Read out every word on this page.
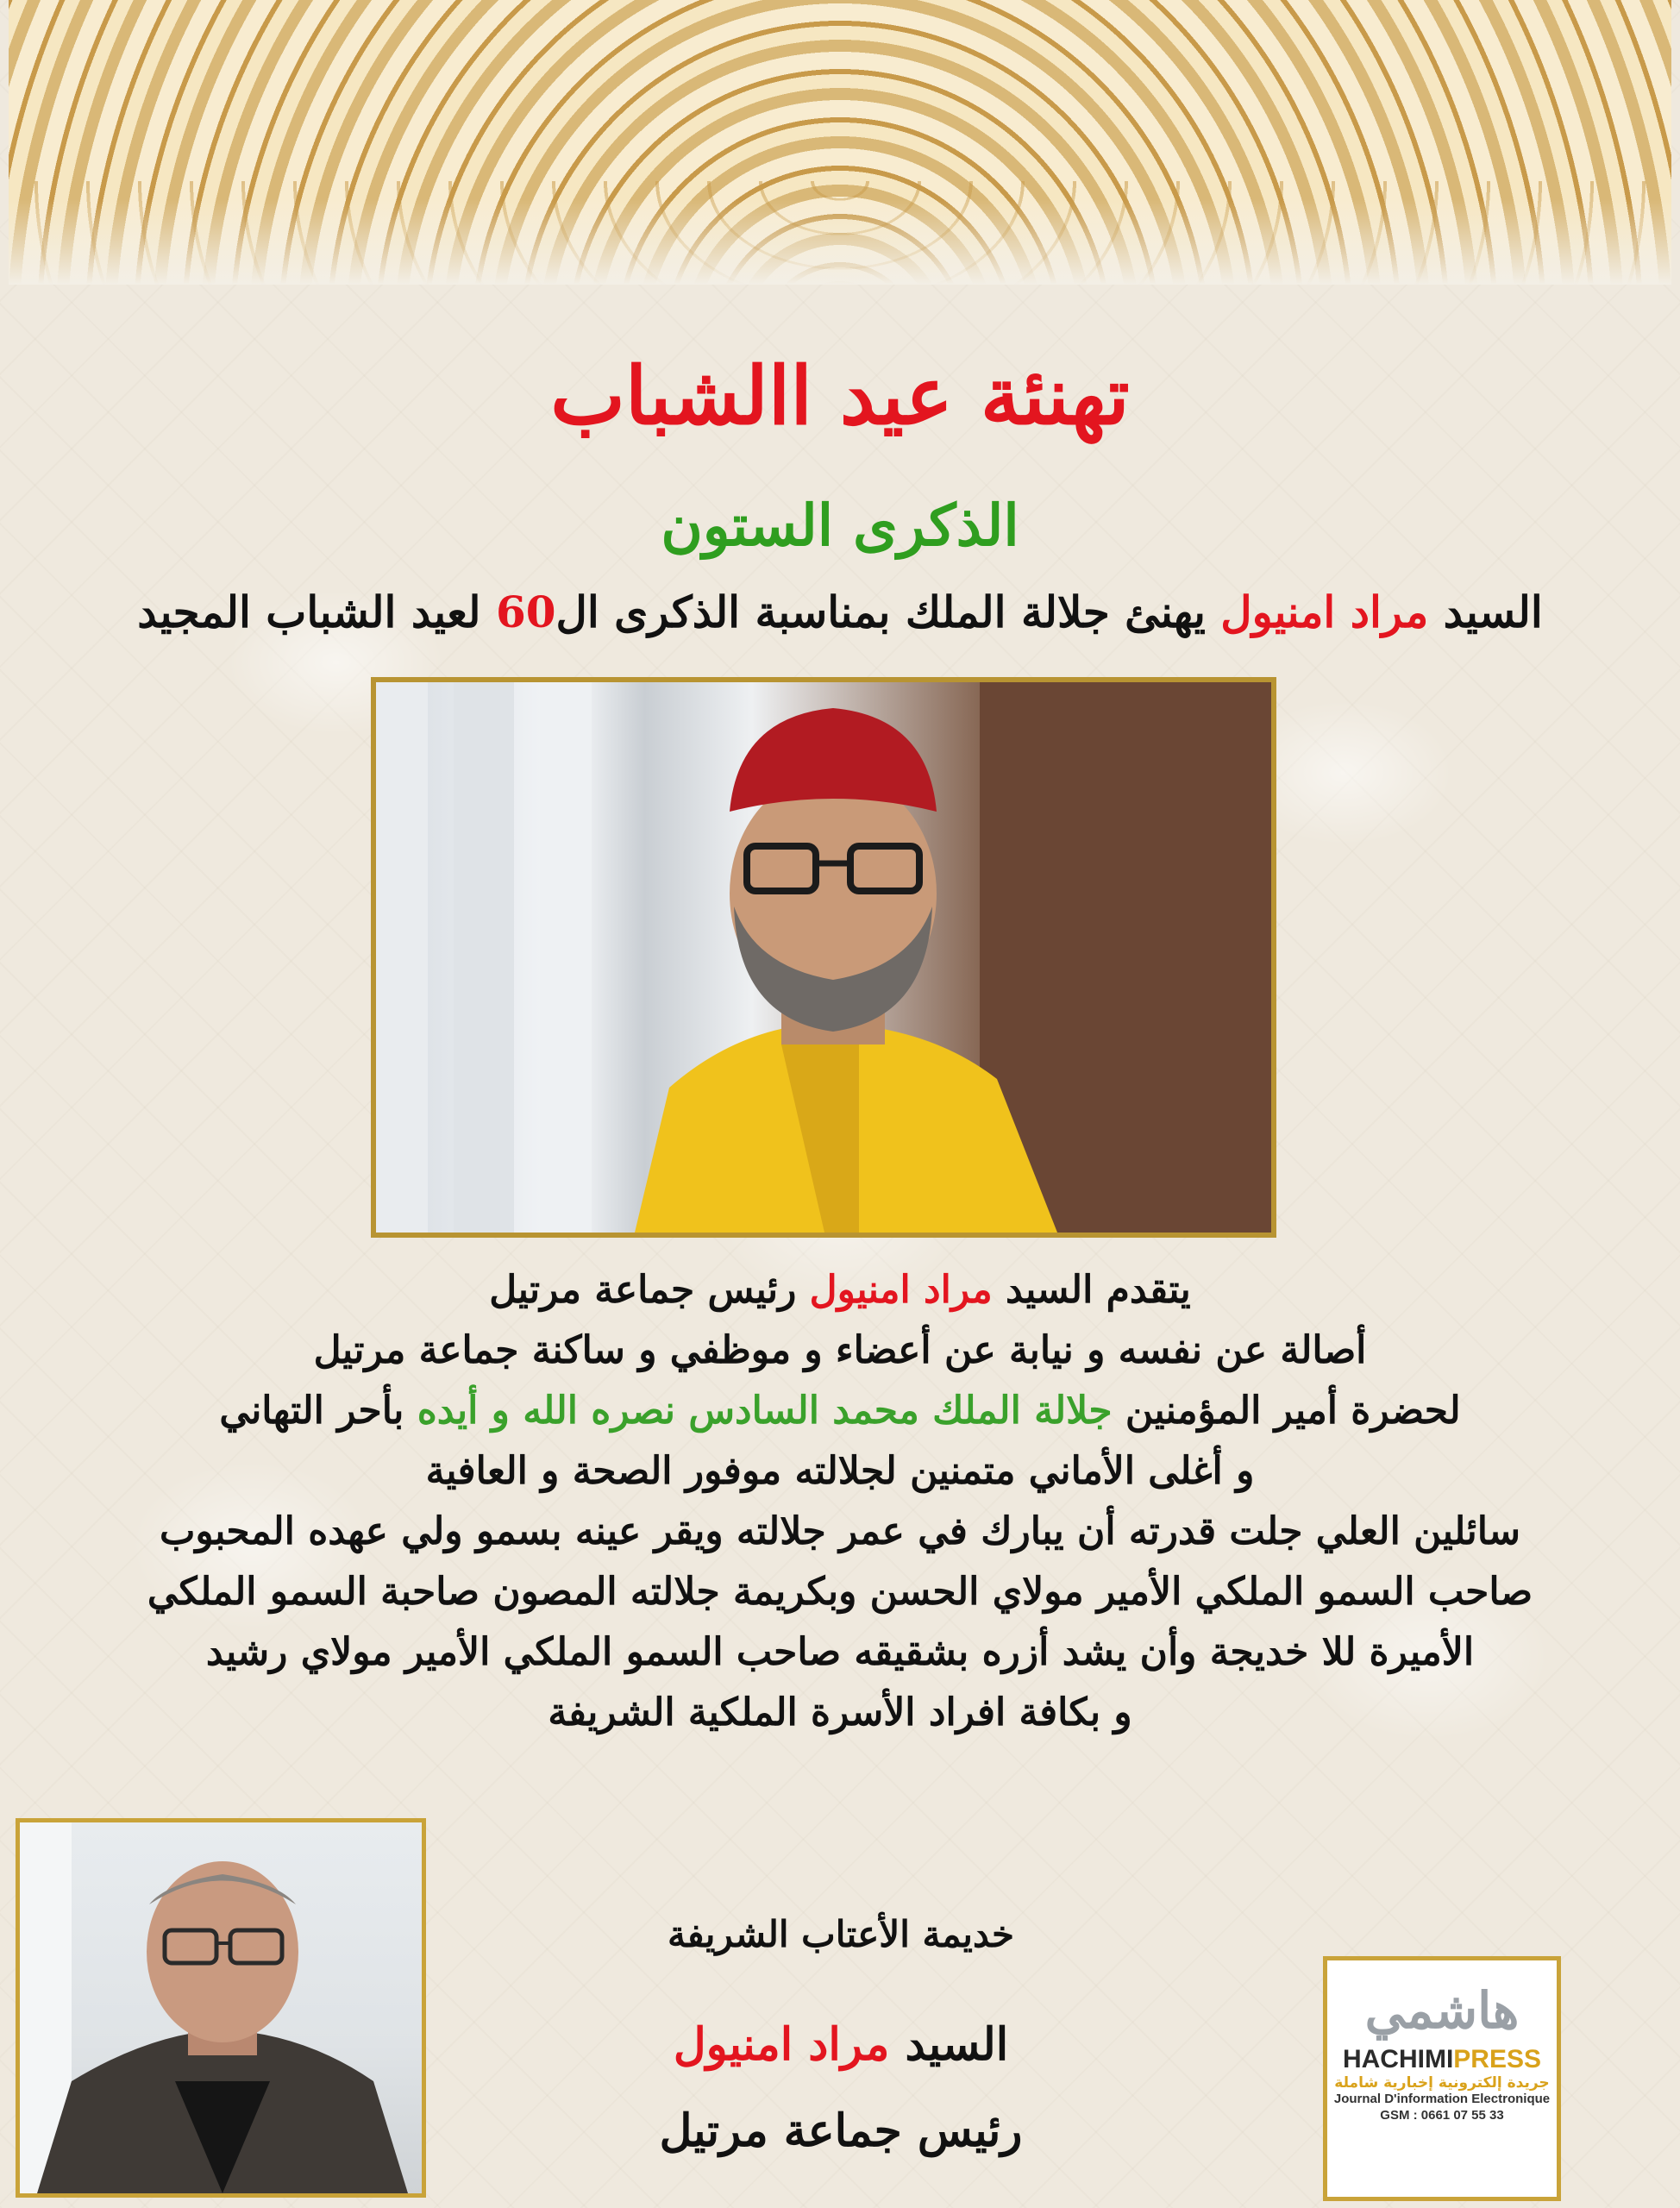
تهنئة عيد االشباب
الذكرى الستون
السيد مراد امنيول يهنئ جلالة الملك بمناسبة الذكرى ال60 لعيد الشباب المجيد

يتقدم السيد مراد امنيول رئيس جماعة مرتيل

أصالة عن نفسه و نيابة عن أعضاء و موظفي و ساكنة جماعة مرتيل

لحضرة أمير المؤمنين جلالة الملك محمد السادس نصره الله و أيده بأحر التهاني

و أغلى الأماني متمنين لجلالته موفور الصحة و العافية

سائلين العلي جلت قدرته أن يبارك في عمر جلالته ويقر عينه بسمو ولي عهده المحبوب

صاحب السمو الملكي الأمير مولاي الحسن وبكريمة جلالته المصون صاحبة السمو الملكي

الأميرة للا خديجة وأن يشد أزره بشقيقه صاحب السمو الملكي الأمير مولاي رشيد

و بكافة افراد الأسرة الملكية الشريفة

خديمة الأعتاب الشريفة
السيد مراد امنيول
رئيس جماعة مرتيل
هاشمي
HACHIMIPRESS
جريدة إلكترونية إخبارية شاملة
Journal D'information Electronique
GSM : 0661 07 55 33
